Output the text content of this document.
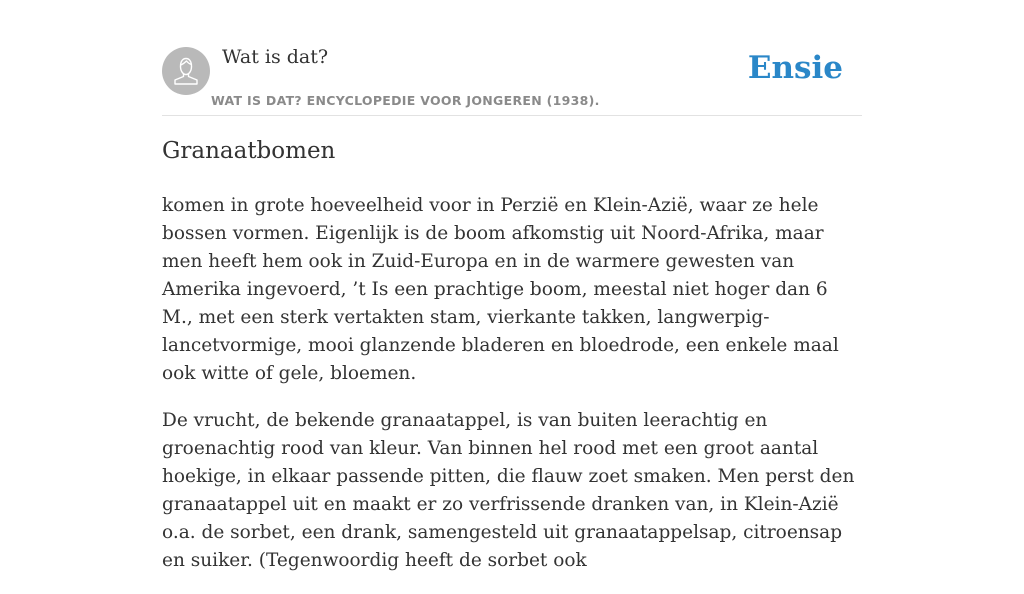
Wat is dat?
WAT IS DAT? ENCYCLOPEDIE VOOR JONGEREN (1938).
Ensie
Granaatbomen

komen in grote hoeveelheid voor in Perzië en Klein-Azië, waar ze hele bossen vormen. Eigenlijk is de boom afkomstig uit Noord-Afrika, maar men heeft hem ook in Zuid-Europa en in de warmere gewesten van Amerika ingevoerd, ’t Is een prachtige boom, meestal niet hoger dan 6 M., met een sterk vertakten stam, vierkante takken, langwerpig-lancetvormige, mooi glanzende bladeren en bloedrode, een enkele maal ook witte of gele, bloemen.

De vrucht, de bekende granaatappel, is van buiten leerachtig en groenachtig rood van kleur. Van binnen hel rood met een groot aantal hoekige, in elkaar passende pitten, die flauw zoet smaken. Men perst den granaatappel uit en maakt er zo verfrissende dranken van, in Klein-Azië o.a. de sorbet, een drank, samengesteld uit granaatappelsap, citroensap en suiker. (Tegenwoordig heeft de sorbet ook
